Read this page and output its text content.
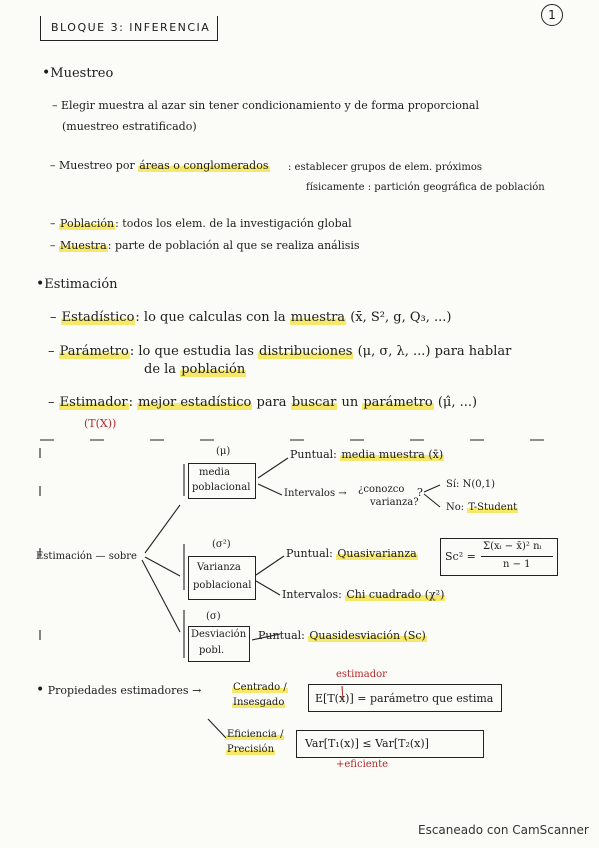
BLOQUE 3: INFERENCIA
1
•Muestreo
– Elegir muestra al azar sin tener condicionamiento y de forma proporcional
(muestreo estratificado)
– Muestreo por áreas o conglomerados : establecer grupos de elem. próximos
físicamente : partición geográfica de población
– Población: todos los elem. de la investigación global
– Muestra: parte de población al que se realiza análisis
•Estimación
– Estadístico: lo que calculas con la muestra (x̄, S², g, Q₃, ...)
– Parámetro: lo que estudia las distribuciones (μ, σ, λ, ...) para hablar
de la población
– Estimador: mejor estadístico para buscar un parámetro (μ̂, ...)
(T(X))
Estimación — sobre
(μ)
media
poblacional
Puntual: media muestra (x̄)
Intervalos → ¿conozco
varianza?
?
Sí: N(0,1)
No: T-Student
(σ²)
Varianza
poblacional
Puntual: Quasivarianza	Sc² =
Σ(xᵢ − x̄)² nᵢ
n − 1
Intervalos: Chi cuadrado (χ²)
(σ)
Desviación
pobl.
Puntual: Quasidesviación (Sc)
• Propiedades estimadores →	Centrado /
Insesgado
estimador
E[T(x)] = parámetro que estima
Eficiencia /
Precisión	Var[T₁(x)] ≤ Var[T₂(x)]
+eficiente
Escaneado con CamScanner
